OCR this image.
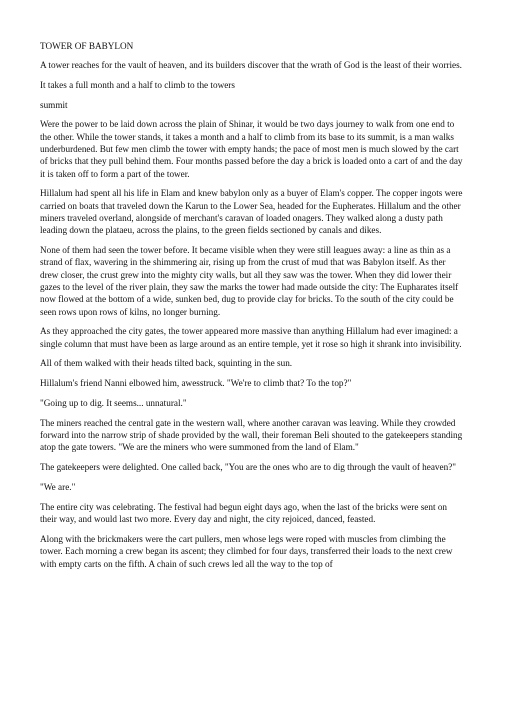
TOWER OF BABYLON

A tower reaches for the vault of heaven, and its builders discover that the wrath of God is the least of their worries.

It takes a full month and a half to climb to the towers

summit

Were the power to be laid down across the plain of Shinar, it would be two days journey to walk from one end to the other. While the tower stands, it takes a month and a half to climb from its base to its summit, is a man walks underburdened. But few men climb the tower with empty hands; the pace of most men is much slowed by the cart of bricks that they pull behind them. Four months passed before the day a brick is loaded onto a cart of and the day it is taken off to form a part of the tower.

Hillalum had spent all his life in Elam and knew babylon only as a buyer of Elam's copper. The copper ingots were carried on boats that traveled down the Karun to the Lower Sea, headed for the Eupherates. Hillalum and the other miners traveled overland, alongside of merchant's caravan of loaded onagers. They walked along a dusty path leading down the plataeu, across the plains, to the green fields sectioned by canals and dikes.

None of them had seen the tower before. It became visible when they were still leagues away: a line as thin as a strand of flax, wavering in the shimmering air, rising up from the crust of mud that was Babylon itself. As ther drew closer, the crust grew into the mighty city walls, but all they saw was the tower. When they did lower their gazes to the level of the river plain, they saw the marks the tower had made outside the city: The Eupharates itself now flowed at the bottom of a wide, sunken bed, dug to provide clay for bricks. To the south of the city could be seen rows upon rows of kilns, no longer burning.

As they approached the city gates, the tower appeared more massive than anything Hillalum had ever imagined: a single column that must have been as large around as an entire temple, yet it rose so high it shrank into invisibility.

All of them walked with their heads tilted back, squinting in the sun.

Hillalum's friend Nanni elbowed him, awesstruck. "We're to climb that? To the top?"

"Going up to dig. It seems... unnatural."

The miners reached the central gate in the western wall, where another caravan was leaving. While they crowded forward into the narrow strip of shade provided by the wall, their foreman Beli shouted to the gatekeepers standing atop the gate towers. "We are the miners who were summoned from the land of Elam."

The gatekeepers were delighted. One called back, "You are the ones who are to dig through the vault of heaven?"

"We are."

The entire city was celebrating. The festival had begun eight days ago, when the last of the bricks were sent on their way, and would last two more. Every day and night, the city rejoiced, danced, feasted.

Along with the brickmakers were the cart pullers, men whose legs were roped with muscles from climbing the tower. Each morning a crew began its ascent; they climbed for four days, transferred their loads to the next crew with empty carts on the fifth. A chain of such crews led all the way to the top of
